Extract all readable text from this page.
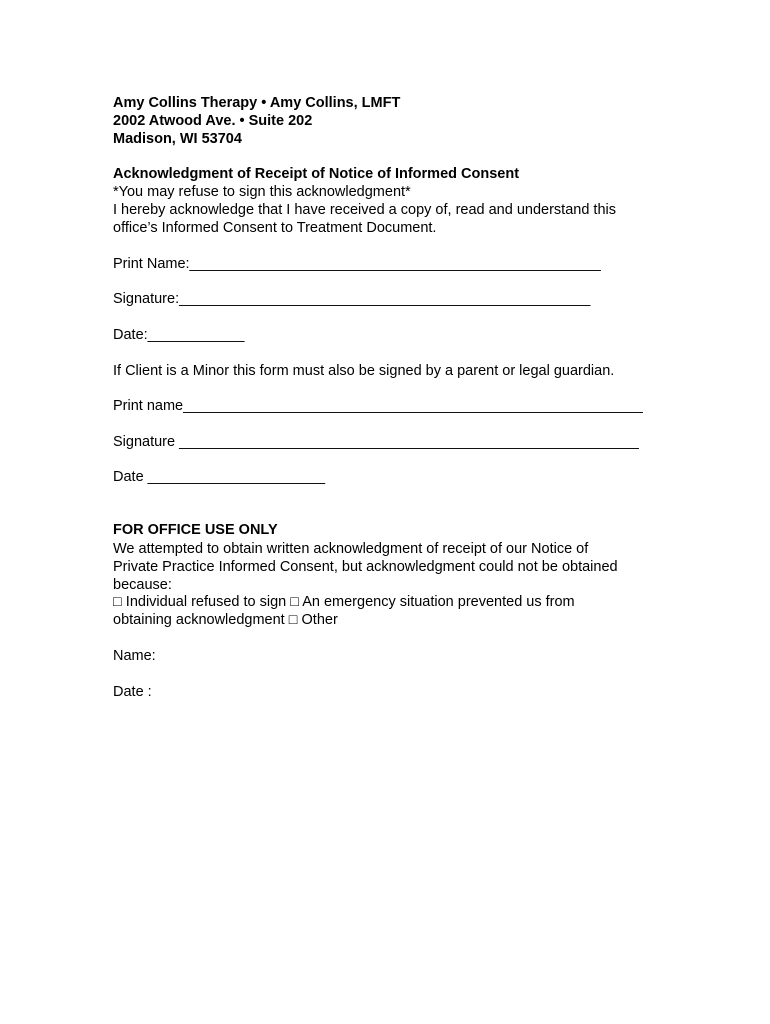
Amy Collins Therapy • Amy Collins, LMFT
2002 Atwood Ave. • Suite 202
Madison, WI 53704
Acknowledgment of Receipt of Notice of Informed Consent
*You may refuse to sign this acknowledgment*
I hereby acknowledge that I have received a copy of, read and understand this
office’s Informed Consent to Treatment Document.
Print Name:___________________________________________________
Signature:___________________________________________________
Date:____________
If Client is a Minor this form must also be signed by a parent or legal guardian.
Print name_________________________________________________________
Signature _________________________________________________________
Date ______________________
FOR OFFICE USE ONLY
We attempted to obtain written acknowledgment of receipt of our Notice of
Private Practice Informed Consent, but acknowledgment could not be obtained
because:
□ Individual refused to sign □ An emergency situation prevented us from
obtaining acknowledgment □ Other
Name:
Date :
